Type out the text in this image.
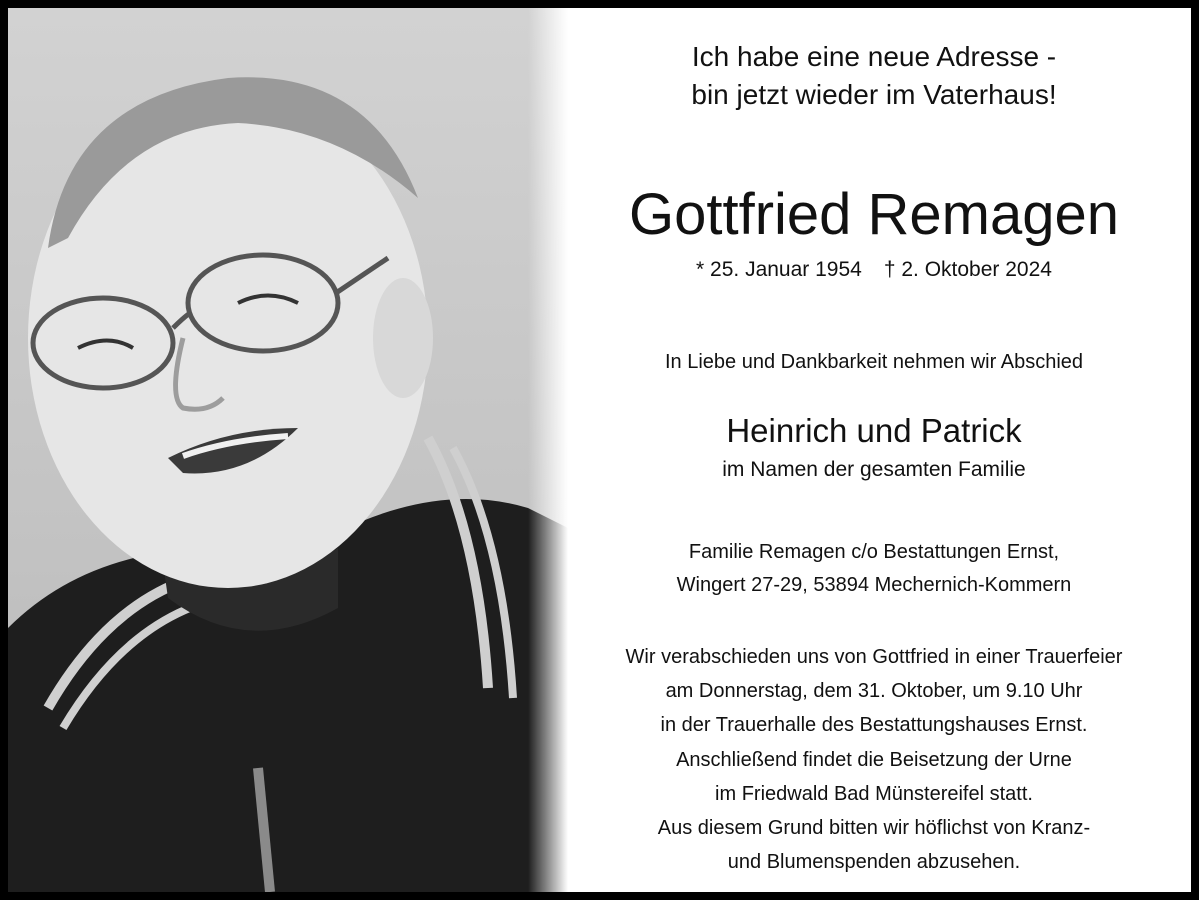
Ich habe eine neue Adresse -
bin jetzt wieder im Vaterhaus!
Gottfried Remagen
* 25. Januar 1954 † 2. Oktober 2024
In Liebe und Dankbarkeit nehmen wir Abschied
Heinrich und Patrick
im Namen der gesamten Familie
Familie Remagen c/o Bestattungen Ernst,
Wingert 27-29, 53894 Mechernich-Kommern
Wir verabschieden uns von Gottfried in einer Trauerfeier
am Donnerstag, dem 31. Oktober, um 9.10 Uhr
in der Trauerhalle des Bestattungshauses Ernst.
Anschließend findet die Beisetzung der Urne
im Friedwald Bad Münstereifel statt.
Aus diesem Grund bitten wir höflichst von Kranz-
und Blumenspenden abzusehen.
